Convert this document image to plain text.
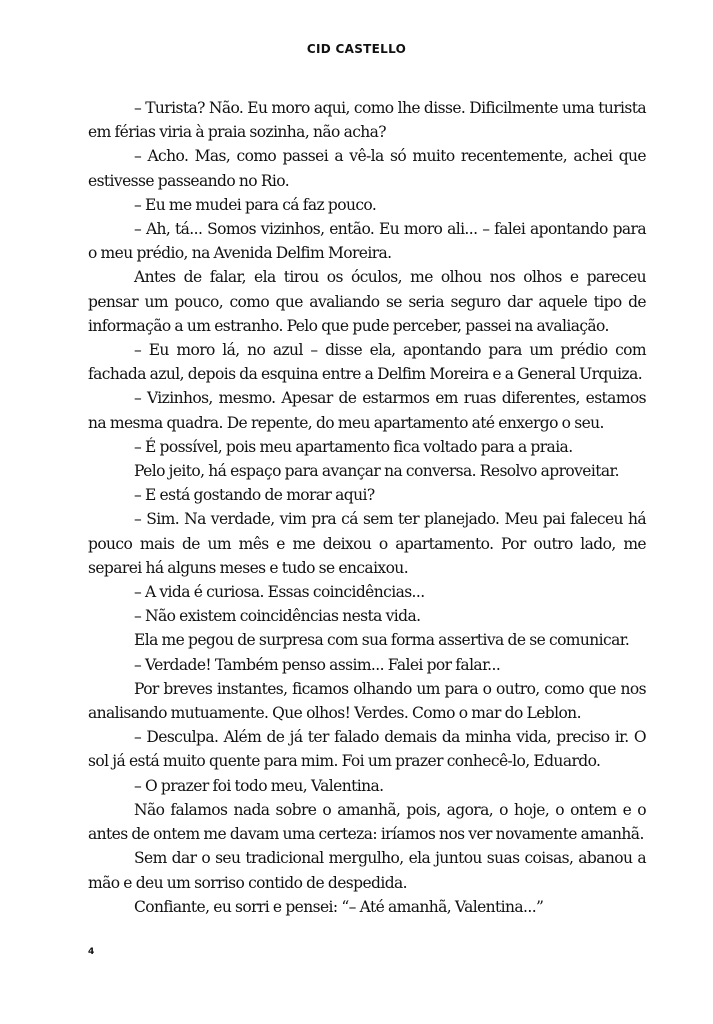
CID CASTELLO

– Turista? Não. Eu moro aqui, como lhe disse. Dificilmente uma turista em férias viria à praia sozinha, não acha?

– Acho. Mas, como passei a vê-la só muito recentemente, achei que estivesse passeando no Rio.

– Eu me mudei para cá faz pouco.

– Ah, tá... Somos vizinhos, então. Eu moro ali... – falei apontando para o meu prédio, na Avenida Delfim Moreira.

Antes de falar, ela tirou os óculos, me olhou nos olhos e pareceu pensar um pouco, como que avaliando se seria seguro dar aquele tipo de informação a um estranho. Pelo que pude perceber, passei na avaliação.

– Eu moro lá, no azul – disse ela, apontando para um prédio com fachada azul, depois da esquina entre a Delfim Moreira e a General Urquiza.

– Vizinhos, mesmo. Apesar de estarmos em ruas diferentes, estamos na mesma quadra. De repente, do meu apartamento até enxergo o seu.

– É possível, pois meu apartamento fica voltado para a praia.

Pelo jeito, há espaço para avançar na conversa. Resolvo aproveitar.

– E está gostando de morar aqui?

– Sim. Na verdade, vim pra cá sem ter planejado. Meu pai faleceu há pouco mais de um mês e me deixou o apartamento. Por outro lado, me separei há alguns meses e tudo se encaixou.

– A vida é curiosa. Essas coincidências...

– Não existem coincidências nesta vida.

Ela me pegou de surpresa com sua forma assertiva de se comunicar.

– Verdade! Também penso assim... Falei por falar...

Por breves instantes, ficamos olhando um para o outro, como que nos analisando mutuamente. Que olhos! Verdes. Como o mar do Leblon.

– Desculpa. Além de já ter falado demais da minha vida, preciso ir. O sol já está muito quente para mim. Foi um prazer conhecê-lo, Eduardo.

– O prazer foi todo meu, Valentina.

Não falamos nada sobre o amanhã, pois, agora, o hoje, o ontem e o antes de ontem me davam uma certeza: iríamos nos ver novamente amanhã.

Sem dar o seu tradicional mergulho, ela juntou suas coisas, abanou a mão e deu um sorriso contido de despedida.

Confiante, eu sorri e pensei: “– Até amanhã, Valentina...”

4
